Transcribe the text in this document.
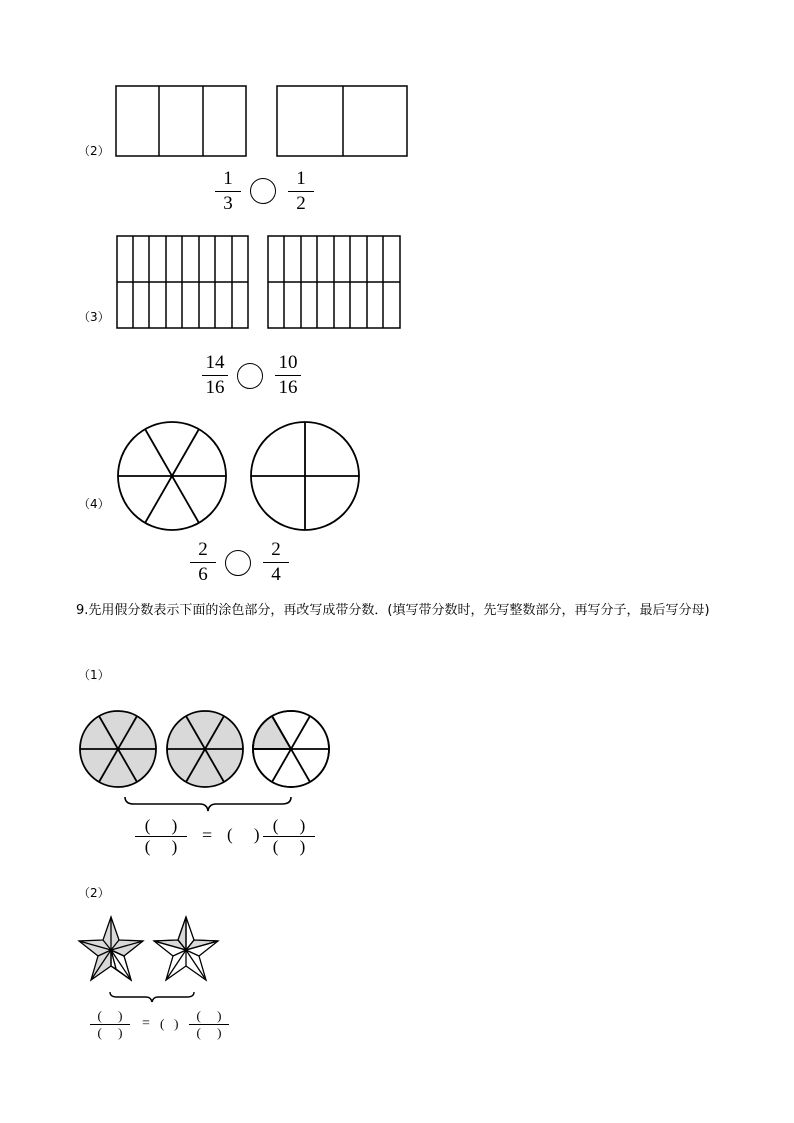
（2）
1
3
1
2
（3）
14
16
10
16
（4）
2
6
2
4
9.先用假分数表示下面的涂色部分，再改写成带分数．(填写带分数时，先写整数部分，再写分子，最后写分母)
（1）
(     )
(     )
= (     ) (     )
(     )
（2）
(     )
(     )
= (   )
(     )
(     )
